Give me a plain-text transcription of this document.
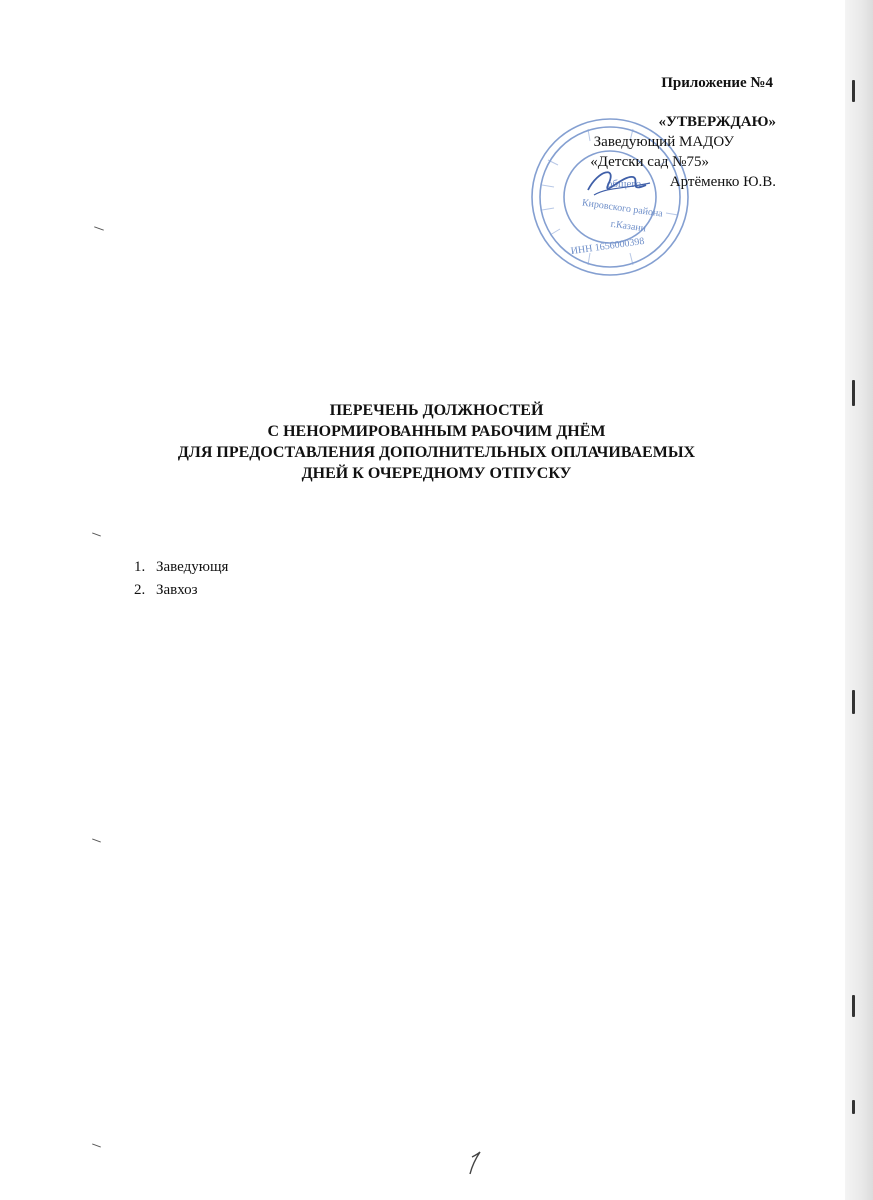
Приложение №4
общего
Кировского района
г.Казани
ИНН 1656000398
«УТВЕРЖДАЮ»
Заведующий МАДОУ
«Детски сад №75»
Артёменко Ю.В.
ПЕРЕЧЕНЬ ДОЛЖНОСТЕЙ
С НЕНОРМИРОВАННЫМ РАБОЧИМ ДНЁМ
ДЛЯ ПРЕДОСТАВЛЕНИЯ ДОПОЛНИТЕЛЬНЫХ ОПЛАЧИВАЕМЫХ
ДНЕЙ К ОЧЕРЕДНОМУ ОТПУСКУ
1. Заведующя
2. Завхоз
